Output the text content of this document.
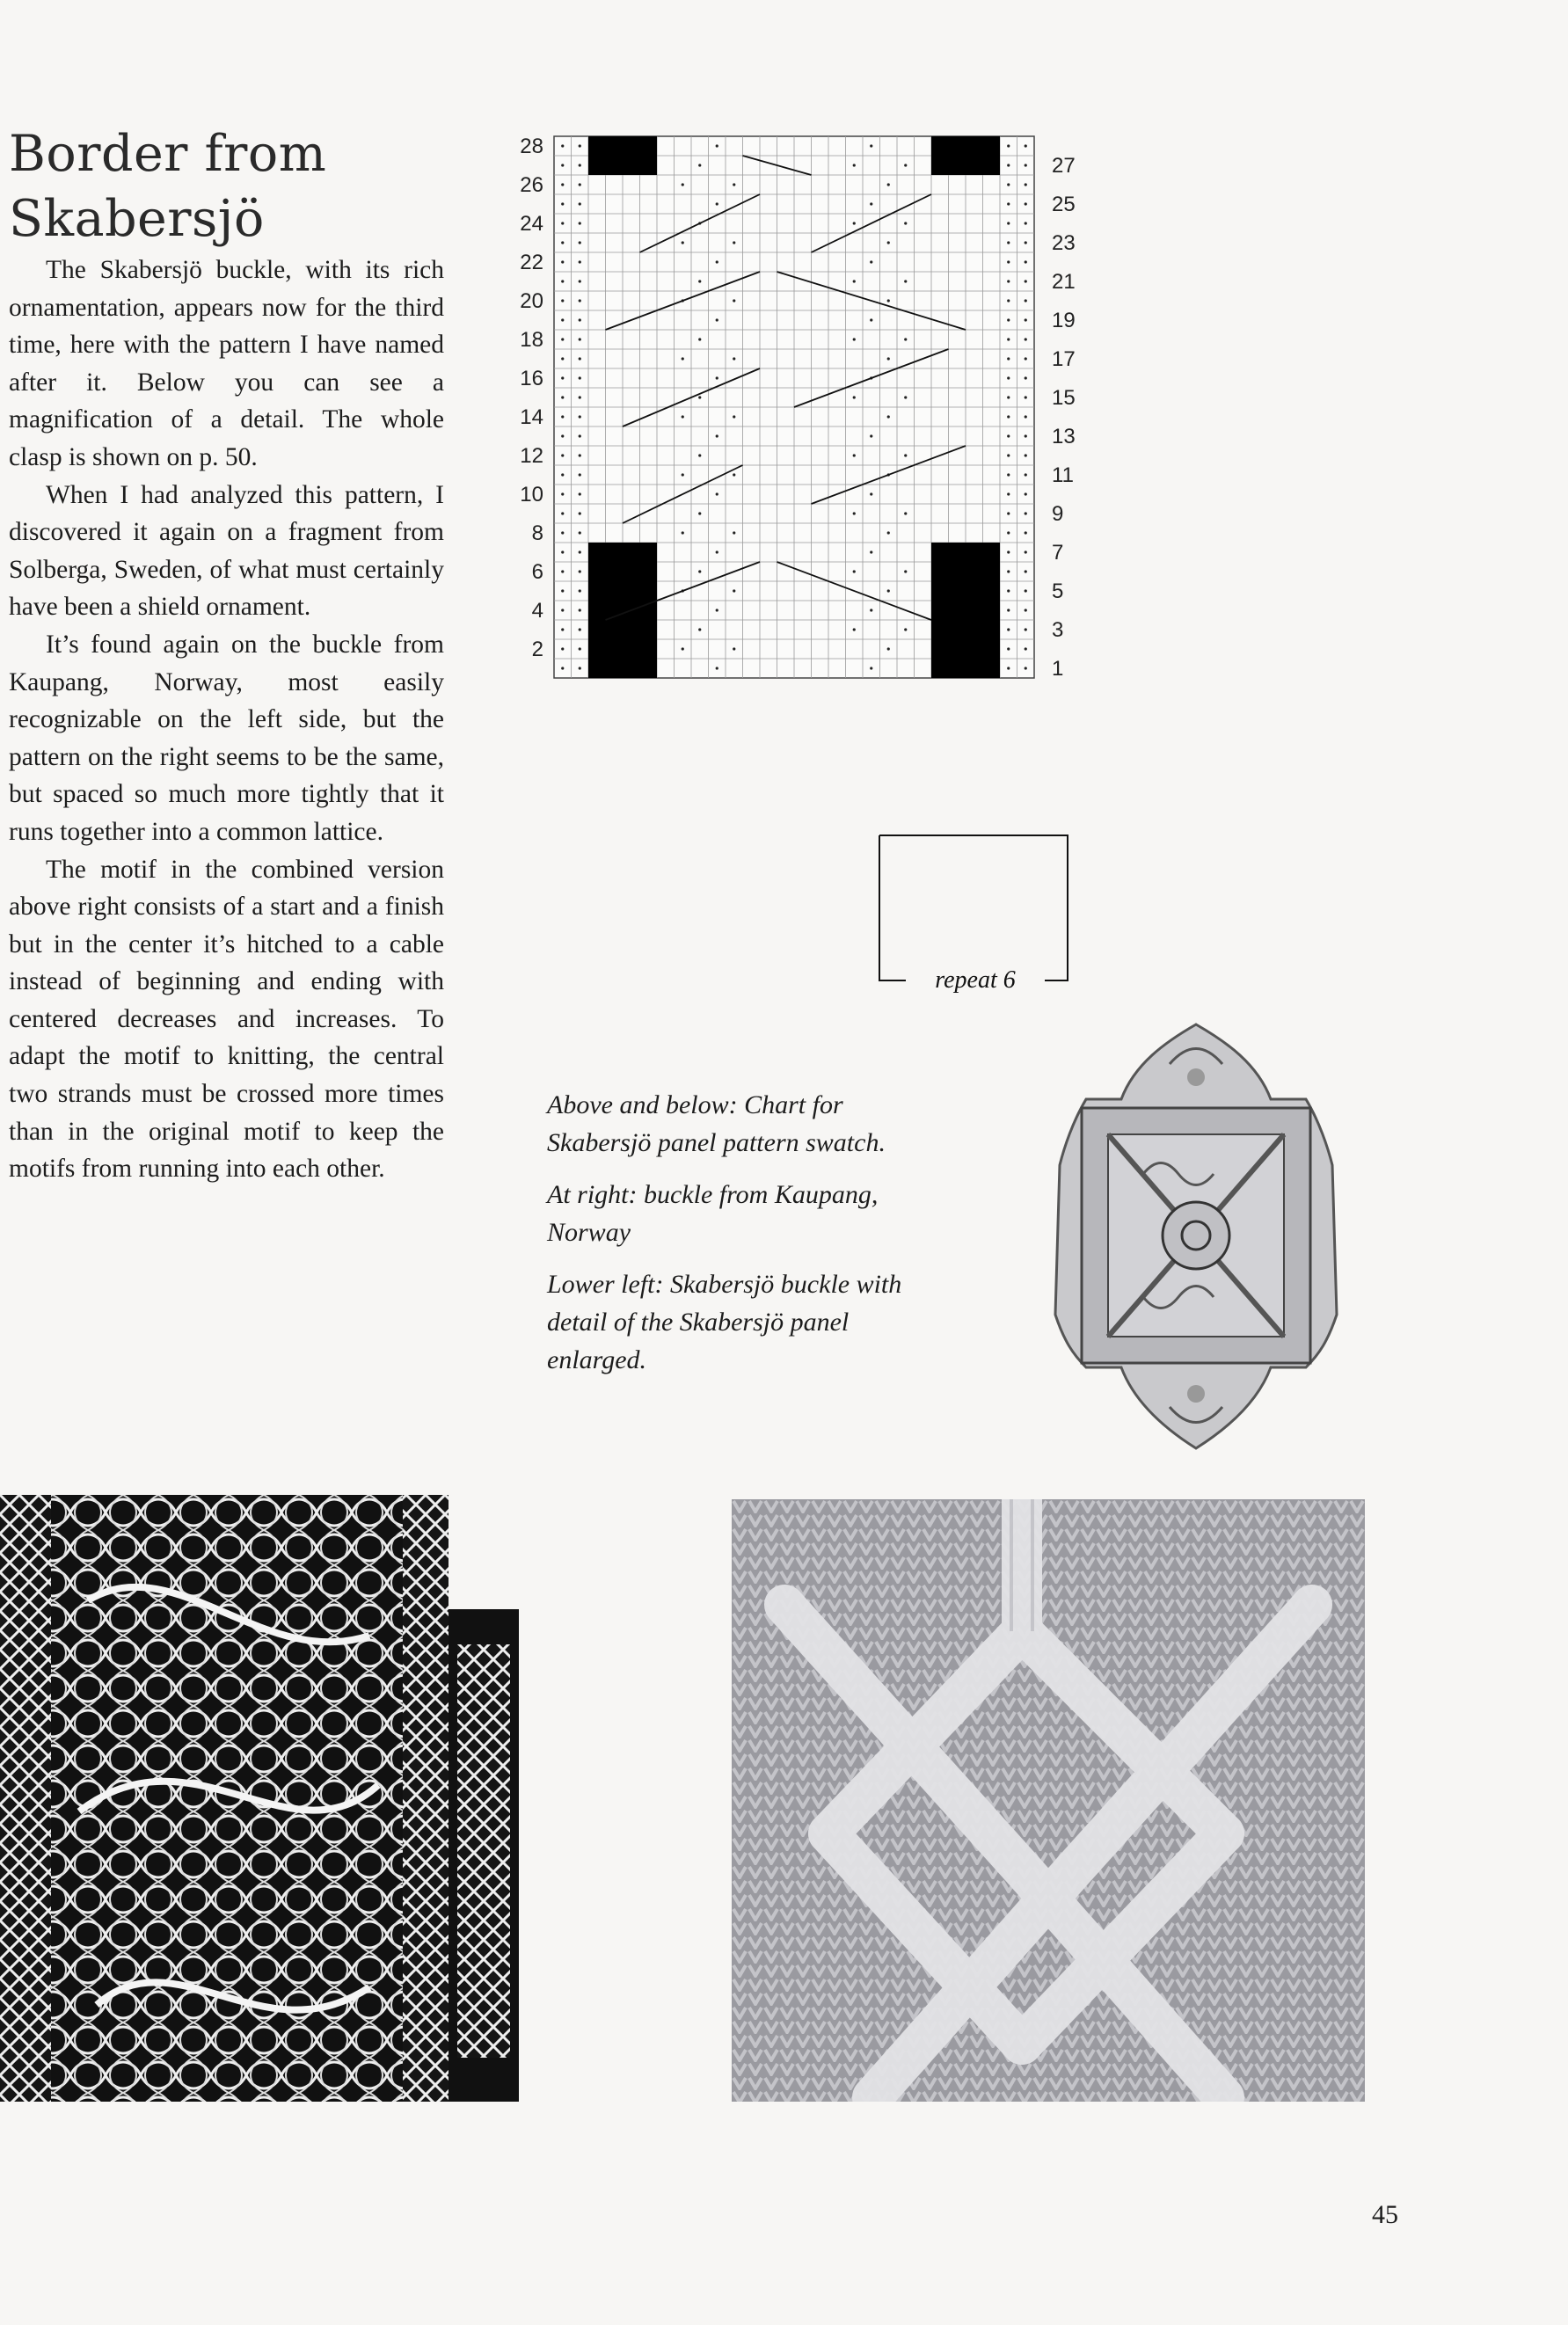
Border from
Skabersjö

The Skabersjö buckle, with its rich ornamentation, appears now for the third time, here with the pattern I have named after it. Below you can see a magnification of a detail. The whole clasp is shown on p. 50.

When I had analyzed this pattern, I discovered it again on a fragment from Solberga, Sweden, of what must certainly have been a shield ornament.

It’s found again on the buckle from Kaupang, Norway, most easily recognizable on the left side, but the pattern on the right seems to be the same, but spaced so much more tightly that it runs together into a common lattice.

The motif in the combined version above right consists of a start and a finish but in the center it’s hitched to a cable instead of beginning and ending with centered decreases and increases. To adapt the motif to knitting, the central two strands must be crossed more times than in the original motif to keep the motifs from running into each other.

28
26
24
22
20
18
16
14
12
10
8
6
4
2
27
25
23
21
19
17
15
13
11
9
7
5
3
1
repeat 6

Above and below: Chart for Skabersjö panel pattern swatch.

At right: buckle from Kaupang, Norway

Lower left: Skabersjö buckle with detail of the Skabersjö panel enlarged.

45
